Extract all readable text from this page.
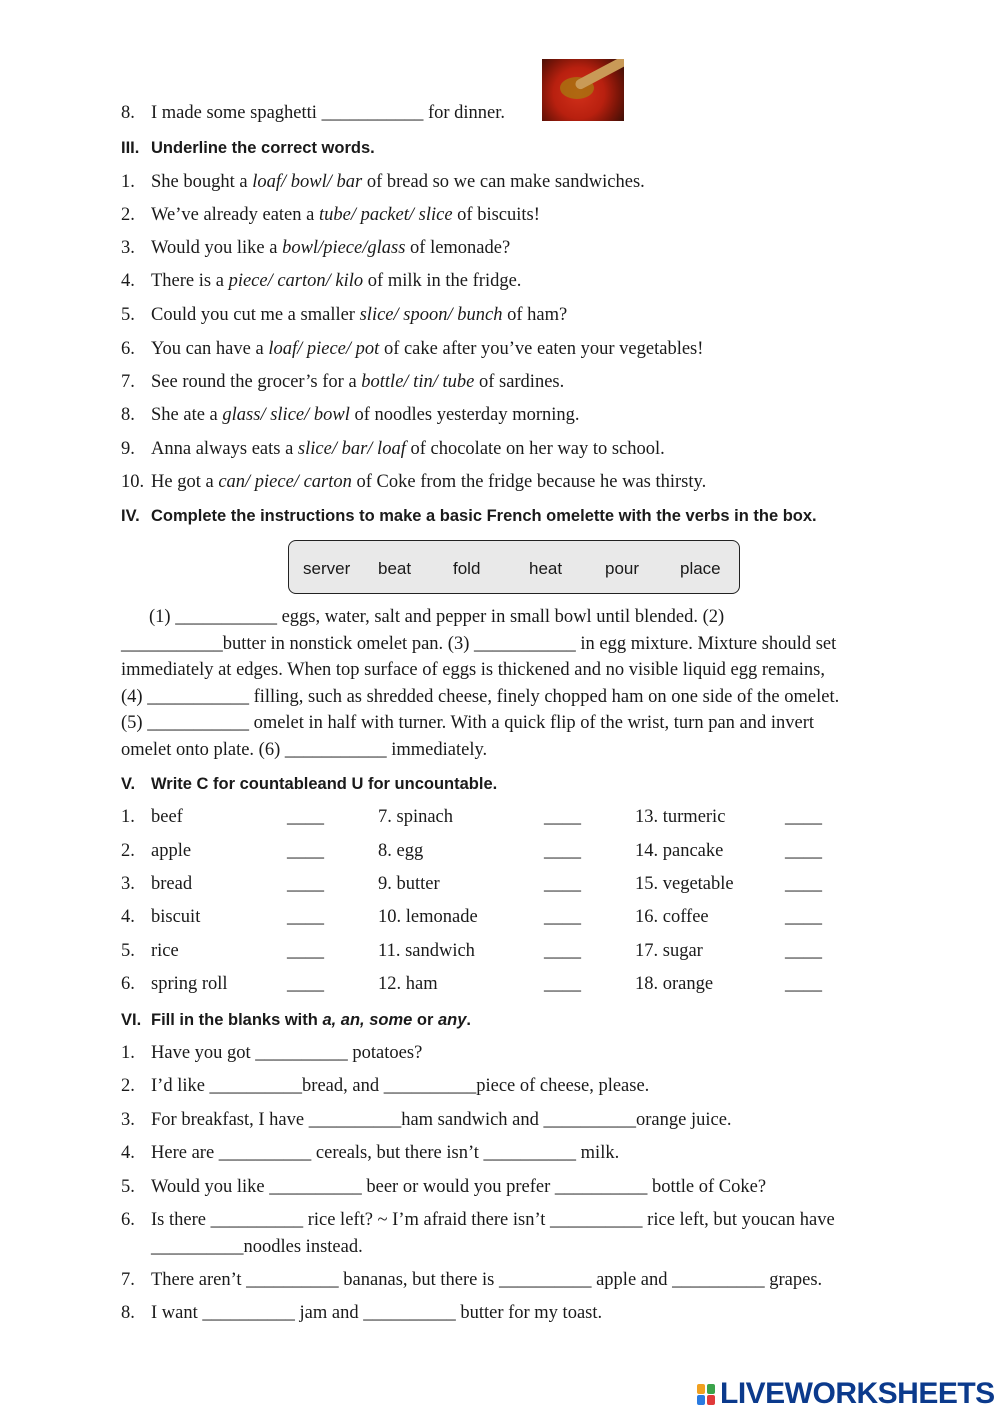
8. I made some spaghetti ___________ for dinner.
III. Underline the correct words.
1. She bought a loaf/ bowl/ bar of bread so we can make sandwiches.
2. We’ve already eaten a tube/ packet/ slice of biscuits!
3. Would you like a bowl/piece/glass of lemonade?
4. There is a piece/ carton/ kilo of milk in the fridge.
5. Could you cut me a smaller slice/ spoon/ bunch of ham?
6. You can have a loaf/ piece/ pot of cake after you’ve eaten your vegetables!
7. See round the grocer’s for a bottle/ tin/ tube of sardines.
8. She ate a glass/ slice/ bowl of noodles yesterday morning.
9. Anna always eats a slice/ bar/ loaf of chocolate on her way to school.
10. He got a can/ piece/ carton of Coke from the fridge because he was thirsty.
IV. Complete the instructions to make a basic French omelette with the verbs in the box.
server beat fold	heat	pour place
(1) ___________ eggs, water, salt and pepper in small bowl until blended. (2)
___________butter in nonstick omelet pan. (3) ___________ in egg mixture. Mixture should set
immediately at edges. When top surface of eggs is thickened and no visible liquid egg remains,
(4) ___________ filling, such as shredded cheese, finely chopped ham on one side of the omelet.
(5) ___________ omelet in half with turner. With a quick flip of the wrist, turn pan and invert
omelet onto plate. (6) ___________ immediately.
V. Write C for countableand U for uncountable.
1. beef	____	7. spinach	____	13. turmeric	____
2. apple	____	8. egg	____	14. pancake	____
3. bread	____	9. butter	____	15. vegetable	____
4. biscuit	____	10. lemonade	____	16. coffee	____
5. rice	____	11. sandwich	____	17. sugar	____
6. spring roll	____	12. ham	____	18. orange	____
VI. Fill in the blanks with a, an, some or any.
1. Have you got __________ potatoes?
2. I’d like __________bread, and __________piece of cheese, please.
3. For breakfast, I have __________ham sandwich and __________orange juice.
4. Here are __________ cereals, but there isn’t __________ milk.
5. Would you like __________ beer or would you prefer __________ bottle of Coke?
6. Is there __________ rice left? ~ I’m afraid there isn’t __________ rice left, but youcan have
__________noodles instead.
7. There aren’t __________ bananas, but there is __________ apple and __________ grapes.
8. I want __________ jam and __________ butter for my toast.
LIVEWORKSHEETS
